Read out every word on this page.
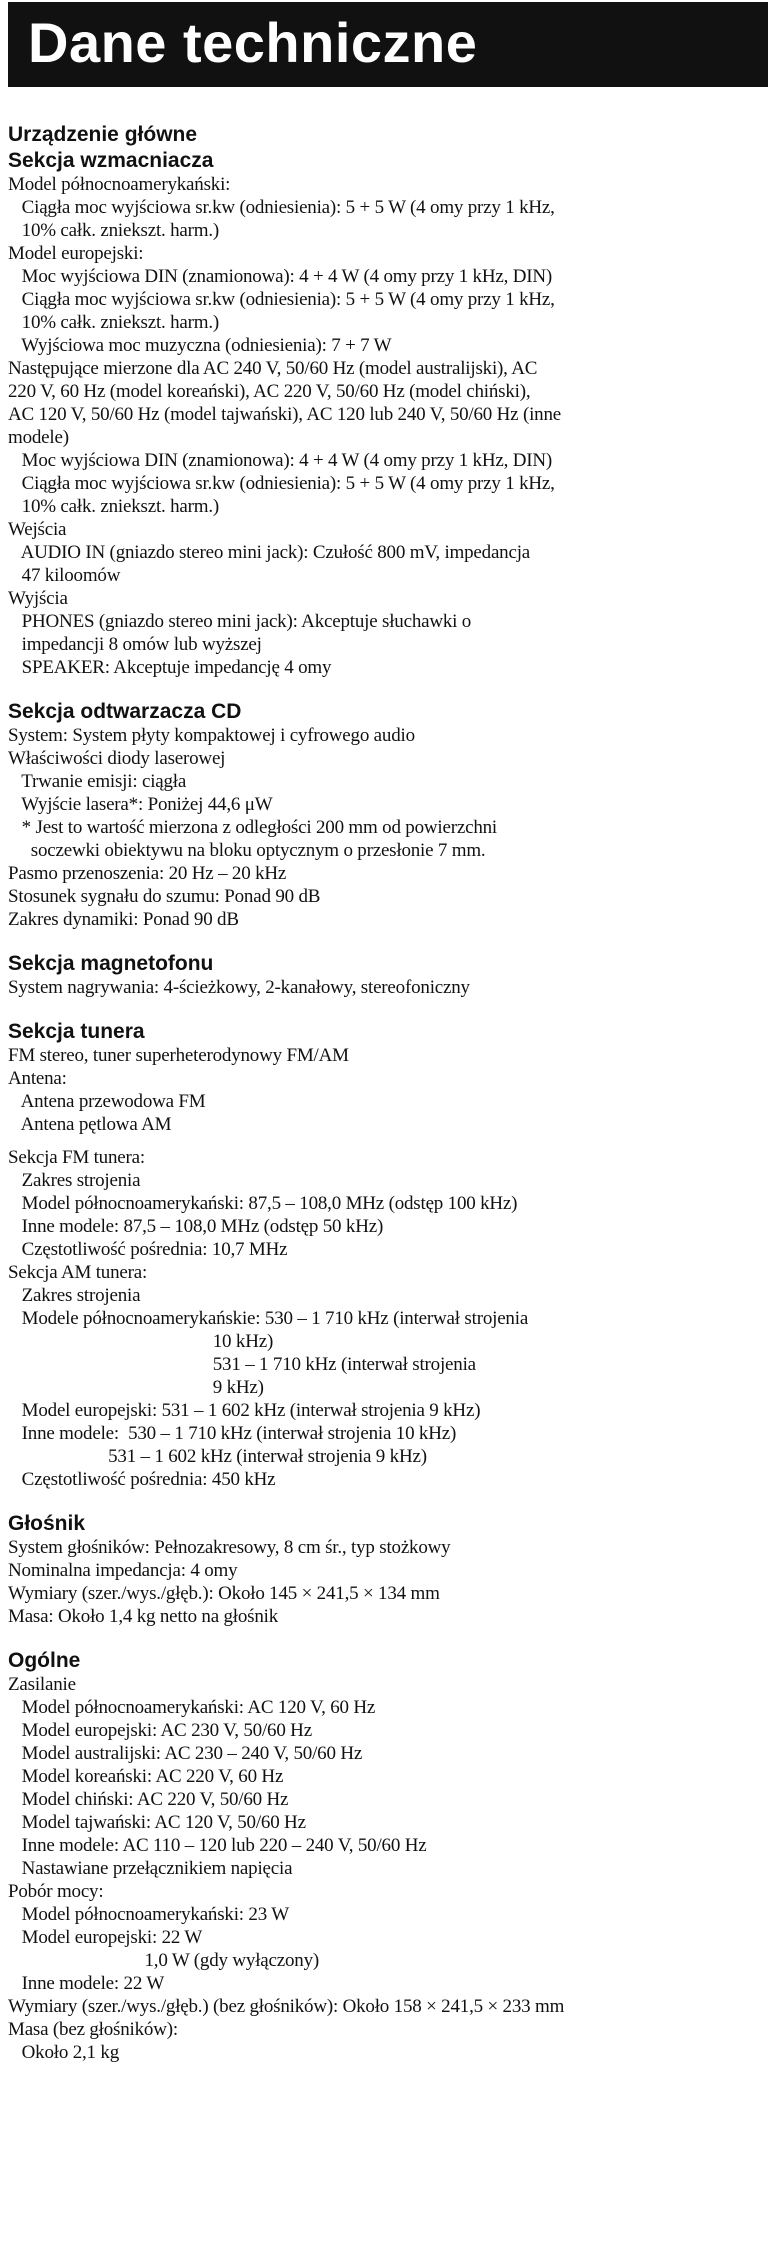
Dane techniczne
Urządzenie główne
Sekcja wzmacniacza
Model północnoamerykański:
Ciągła moc wyjściowa sr.kw (odniesienia): 5 + 5 W (4 omy przy 1 kHz,
10% całk. zniekszt. harm.)
Model europejski:
Moc wyjściowa DIN (znamionowa): 4 + 4 W (4 omy przy 1 kHz, DIN)
Ciągła moc wyjściowa sr.kw (odniesienia): 5 + 5 W (4 omy przy 1 kHz,
10% całk. zniekszt. harm.)
Wyjściowa moc muzyczna (odniesienia): 7 + 7 W
Następujące mierzone dla AC 240 V, 50/60 Hz (model australijski), AC
220 V, 60 Hz (model koreański), AC 220 V, 50/60 Hz (model chiński),
AC 120 V, 50/60 Hz (model tajwański), AC 120 lub 240 V, 50/60 Hz (inne
modele)
Moc wyjściowa DIN (znamionowa): 4 + 4 W (4 omy przy 1 kHz, DIN)
Ciągła moc wyjściowa sr.kw (odniesienia): 5 + 5 W (4 omy przy 1 kHz,
10% całk. zniekszt. harm.)
Wejścia
AUDIO IN (gniazdo stereo mini jack): Czułość 800 mV, impedancja
47 kiloomów
Wyjścia
PHONES (gniazdo stereo mini jack): Akceptuje słuchawki o
impedancji 8 omów lub wyższej
SPEAKER: Akceptuje impedancję 4 omy
Sekcja odtwarzacza CD
System: System płyty kompaktowej i cyfrowego audio
Właściwości diody laserowej
Trwanie emisji: ciągła
Wyjście lasera*: Poniżej 44,6 μW
* Jest to wartość mierzona z odległości 200 mm od powierzchni
soczewki obiektywu na bloku optycznym o przesłonie 7 mm.
Pasmo przenoszenia: 20 Hz – 20 kHz
Stosunek sygnału do szumu: Ponad 90 dB
Zakres dynamiki: Ponad 90 dB
Sekcja magnetofonu
System nagrywania: 4-ścieżkowy, 2-kanałowy, stereofoniczny
Sekcja tunera
FM stereo, tuner superheterodynowy FM/AM
Antena:
Antena przewodowa FM
Antena pętlowa AM
Sekcja FM tunera:
Zakres strojenia
Model północnoamerykański: 87,5 – 108,0 MHz (odstęp 100 kHz)
Inne modele: 87,5 – 108,0 MHz (odstęp 50 kHz)
Częstotliwość pośrednia: 10,7 MHz
Sekcja AM tunera:
Zakres strojenia
Modele północnoamerykańskie: 530 – 1 710 kHz (interwał strojenia
10 kHz)
531 – 1 710 kHz (interwał strojenia
9 kHz)
Model europejski: 531 – 1 602 kHz (interwał strojenia 9 kHz)
Inne modele:  530 – 1 710 kHz (interwał strojenia 10 kHz)
531 – 1 602 kHz (interwał strojenia 9 kHz)
Częstotliwość pośrednia: 450 kHz
Głośnik
System głośników: Pełnozakresowy, 8 cm śr., typ stożkowy
Nominalna impedancja: 4 omy
Wymiary (szer./wys./głęb.): Około 145 × 241,5 × 134 mm
Masa: Około 1,4 kg netto na głośnik
Ogólne
Zasilanie
Model północnoamerykański: AC 120 V, 60 Hz
Model europejski: AC 230 V, 50/60 Hz
Model australijski: AC 230 – 240 V, 50/60 Hz
Model koreański: AC 220 V, 60 Hz
Model chiński: AC 220 V, 50/60 Hz
Model tajwański: AC 120 V, 50/60 Hz
Inne modele: AC 110 – 120 lub 220 – 240 V, 50/60 Hz
Nastawiane przełącznikiem napięcia
Pobór mocy:
Model północnoamerykański: 23 W
Model europejski: 22 W
1,0 W (gdy wyłączony)
Inne modele: 22 W
Wymiary (szer./wys./głęb.) (bez głośników): Około 158 × 241,5 × 233 mm
Masa (bez głośników):
Około 2,1 kg
